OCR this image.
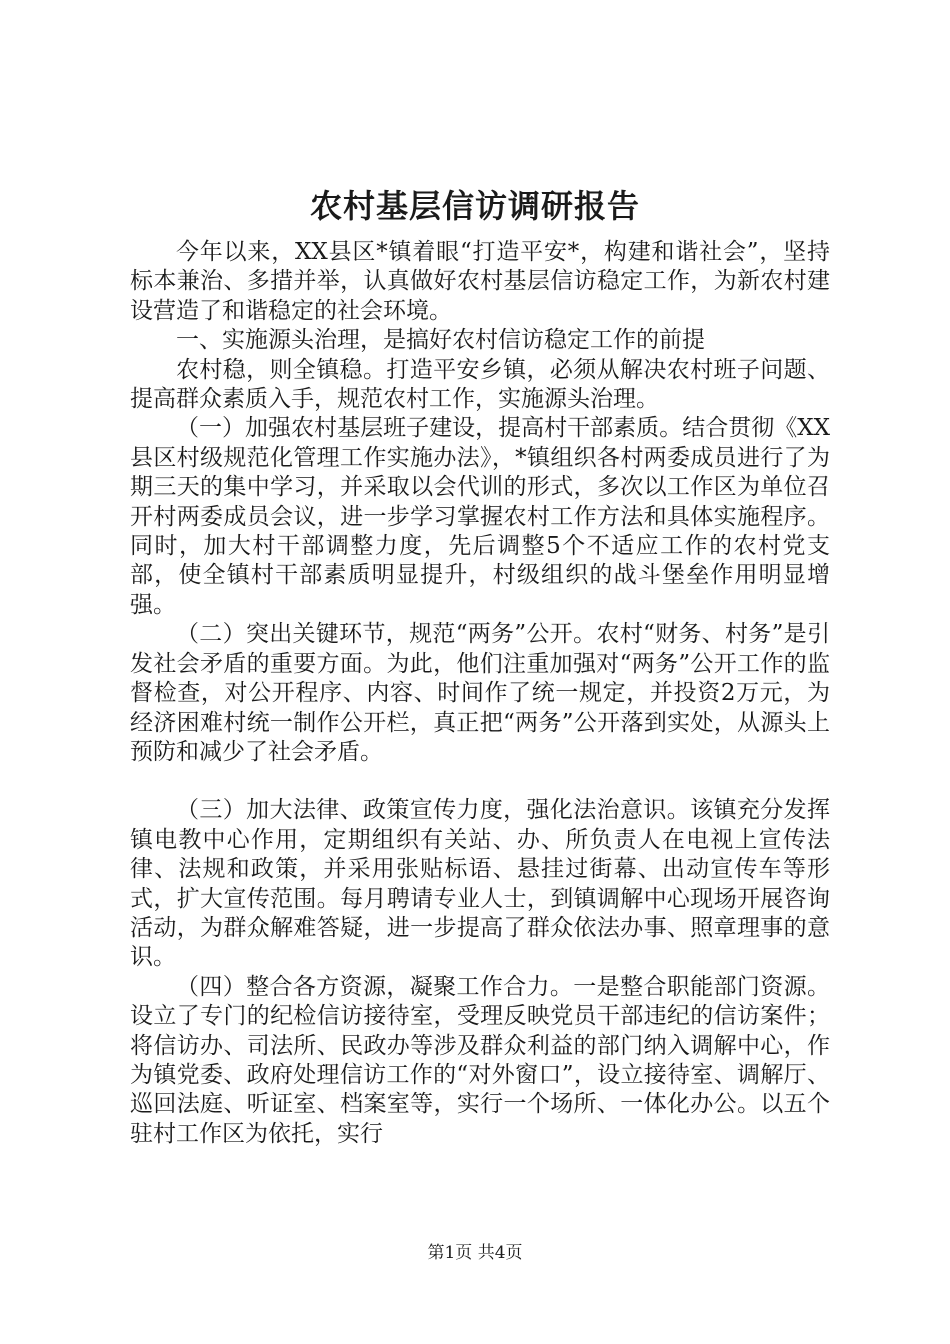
农村基层信访调研报告

今年以来，XX县区*镇着眼“打造平安*，构建和谐社会”，坚持标本兼治、多措并举，认真做好农村基层信访稳定工作，为新农村建设营造了和谐稳定的社会环境。

一、实施源头治理，是搞好农村信访稳定工作的前提

农村稳，则全镇稳。打造平安乡镇，必须从解决农村班子问题、提高群众素质入手，规范农村工作，实施源头治理。

（一）加强农村基层班子建设，提高村干部素质。结合贯彻《XX县区村级规范化管理工作实施办法》，*镇组织各村两委成员进行了为期三天的集中学习，并采取以会代训的形式，多次以工作区为单位召开村两委成员会议，进一步学习掌握农村工作方法和具体实施程序。同时，加大村干部调整力度，先后调整5个不适应工作的农村党支部，使全镇村干部素质明显提升，村级组织的战斗堡垒作用明显增强。

（二）突出关键环节，规范“两务”公开。农村“财务、村务”是引发社会矛盾的重要方面。为此，他们注重加强对“两务”公开工作的监督检查，对公开程序、内容、时间作了统一规定，并投资2万元，为经济困难村统一制作公开栏，真正把“两务”公开落到实处，从源头上预防和减少了社会矛盾。

（三）加大法律、政策宣传力度，强化法治意识。该镇充分发挥镇电教中心作用，定期组织有关站、办、所负责人在电视上宣传法律、法规和政策，并采用张贴标语、悬挂过街幕、出动宣传车等形式，扩大宣传范围。每月聘请专业人士，到镇调解中心现场开展咨询活动，为群众解难答疑，进一步提高了群众依法办事、照章理事的意识。

（四）整合各方资源，凝聚工作合力。一是整合职能部门资源。设立了专门的纪检信访接待室，受理反映党员干部违纪的信访案件；将信访办、司法所、民政办等涉及群众利益的部门纳入调解中心，作为镇党委、政府处理信访工作的“对外窗口”，设立接待室、调解厅、巡回法庭、听证室、档案室等，实行一个场所、一体化办公。以五个驻村工作区为依托，实行

第1页 共4页
